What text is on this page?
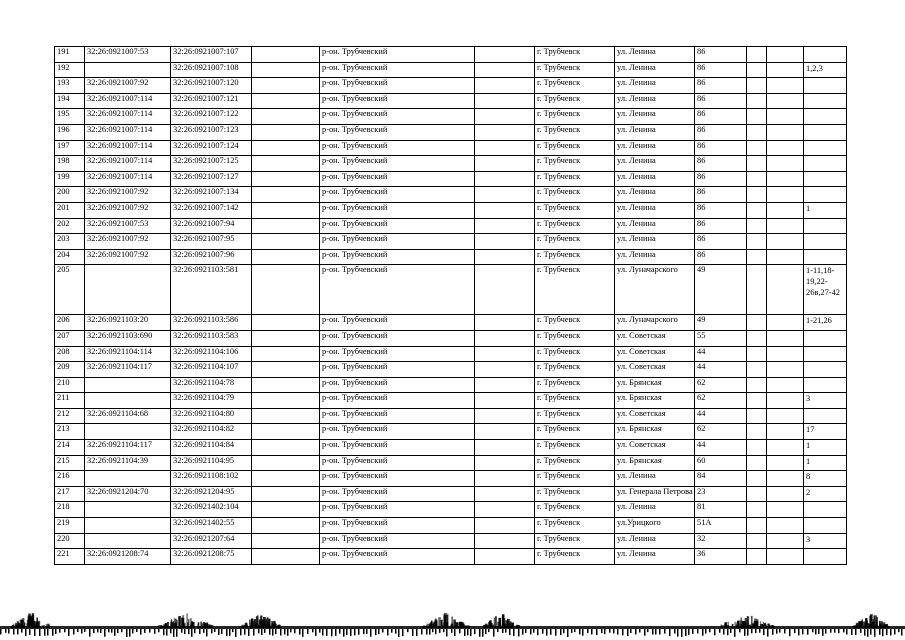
191	32:26:0921007:53	32:26:0921007:107		р-он. Трубчевский		г. Трубчевск	ул. Ленина	86			
192		32:26:0921007:108		р-он. Трубчевский		г. Трубчевск	ул. Ленина	86			1,2,3
193	32:26:0921007:92	32:26:0921007:120		р-он. Трубчевский		г. Трубчевск	ул. Ленина	86			
194	32:26:0921007:114	32:26:0921007:121		р-он. Трубчевский		г. Трубчевск	ул. Ленина	86			
195	32:26:0921007:114	32:26:0921007:122		р-он. Трубчевский		г. Трубчевск	ул. Ленина	86			
196	32:26:0921007:114	32:26:0921007:123		р-он. Трубчевский		г. Трубчевск	ул. Ленина	86			
197	32:26:0921007:114	32:26:0921007:124		р-он. Трубчевский		г. Трубчевск	ул. Ленина	86			
198	32:26:0921007:114	32:26:0921007:125		р-он. Трубчевский		г. Трубчевск	ул. Ленина	86			
199	32:26:0921007:114	32:26:0921007:127		р-он. Трубчевский		г. Трубчевск	ул. Ленина	86			
200	32:26:0921007:92	32:26:0921007:134		р-он. Трубчевский		г. Трубчевск	ул. Ленина	86			
201	32:26:0921007:92	32:26:0921007:142		р-он. Трубчевский		г. Трубчевск	ул. Ленина	86			1
202	32:26:0921007:53	32:26:0921007:94		р-он. Трубчевский		г. Трубчевск	ул. Ленина	86			
203	32:26:0921007:92	32:26:0921007:95		р-он. Трубчевский		г. Трубчевск	ул. Ленина	86			
204	32:26:0921007:92	32:26:0921007:96		р-он. Трубчевский		г. Трубчевск	ул. Ленина	86			
205		32:26:0921103:581		р-он. Трубчевский		г. Трубчевск	ул. Луначарского	49			1-11,18-19,22-26в,27-42
206	32:26:0921103:20	32:26:0921103:586		р-он. Трубчевский		г. Трубчевск	ул. Луначарского	49			1-21,26
207	32:26:0921103:690	32:26:0921103:583		р-он. Трубчевский		г. Трубчевск	ул. Советская	55			
208	32:26:0921104:114	32:26:0921104:106		р-он. Трубчевский		г. Трубчевск	ул. Советская	44			
209	32:26:0921104:117	32:26:0921104:107		р-он. Трубчевский		г. Трубчевск	ул. Советская	44			
210		32:26:0921104:78		р-он. Трубчевский		г. Трубчевск	ул. Брянская	62			
211		32:26:0921104:79		р-он. Трубчевский		г. Трубчевск	ул. Брянская	62			3
212	32:26:0921104:68	32:26:0921104:80		р-он. Трубчевский		г. Трубчевск	ул. Советская	44			
213		32:26:0921104:82		р-он. Трубчевский		г. Трубчевск	ул. Брянская	62			17
214	32:26:0921104:117	32:26:0921104:84		р-он. Трубчевский		г. Трубчевск	ул. Советская	44			1
215	32:26:0921104:39	32:26:0921104:95		р-он. Трубчевский		г. Трубчевск	ул. Брянская	60			1
216		32:26:0921108:102		р-он. Трубчевский		г. Трубчевск	ул. Ленина	84			8
217	32:26:0921204:70	32:26:0921204:95		р-он. Трубчевский		г. Трубчевск	ул. Генерала Петрова	23			2
218		32:26:0921402:104		р-он. Трубчевский		г. Трубчевск	ул. Ленина	81			
219		32:26:0921402:55		р-он. Трубчевский		г. Трубчевск	ул.Урицкого	51А			
220		32:26:0921207:64		р-он. Трубчевский		г. Трубчевск	ул. Ленина	32			3
221	32:26:0921208:74	32:26:0921208:75		р-он. Трубчевский		г. Трубчевск	ул. Ленина	36			
